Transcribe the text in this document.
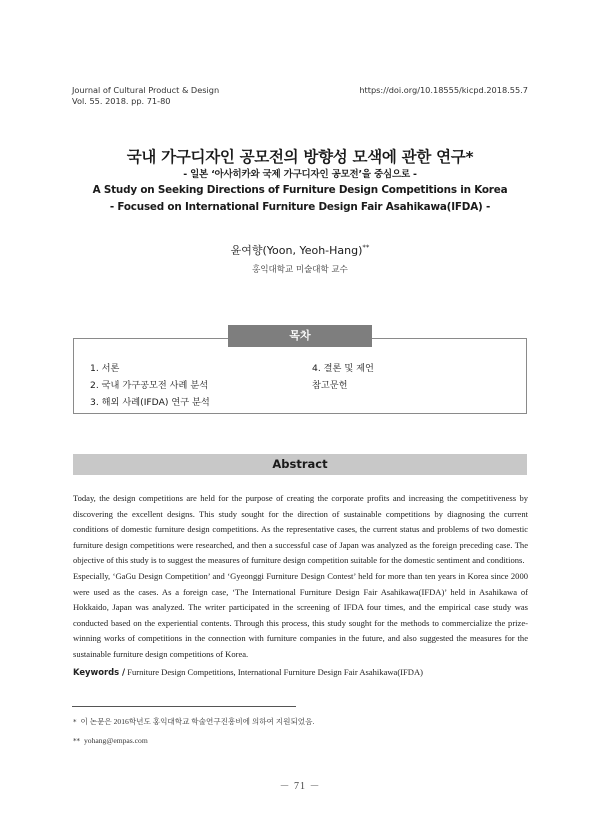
Journal of Cultural Product & Design
Vol. 55. 2018. pp. 71-80
https://doi.org/10.18555/kicpd.2018.55.7
국내 가구디자인 공모전의 방향성 모색에 관한 연구*
- 일본 ‘아사히카와 국제 가구디자인 공모전’을 중심으로 -
A Study on Seeking Directions of Furniture Design Competitions in Korea
- Focused on International Furniture Design Fair Asahikawa(IFDA) -
윤여향(Yoon, Yeoh-Hang)**
홍익대학교 미술대학 교수
목차
1. 서론
2. 국내 가구공모전 사례 분석
3. 해외 사례(IFDA) 연구 분석
4. 결론 및 제언
참고문헌
Abstract

Today, the design competitions are held for the purpose of creating the corporate profits and increasing the competitiveness by discovering the excellent designs. This study sought for the direction of sustainable competitions by diagnosing the current conditions of domestic furniture design competitions. As the representative cases, the current status and problems of two domestic furniture design competitions were researched, and then a successful case of Japan was analyzed as the foreign preceding case. The objective of this study is to suggest the measures of furniture design competition suitable for the domestic sentiment and conditions.

Especially, ‘GaGu Design Competition’ and ‘Gyeonggi Furniture Design Contest’ held for more than ten years in Korea since 2000 were used as the cases. As a foreign case, ‘The International Furniture Design Fair Asahikawa(IFDA)’ held in Asahikawa of Hokkaido, Japan was analyzed. The writer participated in the screening of IFDA four times, and the empirical case study was conducted based on the experiential contents. Through this process, this study sought for the methods to commercialize the prize-winning works of competitions in the connection with furniture companies in the future, and also suggested the measures for the sustainable furniture design competitions of Korea.

Keywords / Furniture Design Competitions, International Furniture Design Fair Asahikawa(IFDA)
* 이 논문은 2016학년도 홍익대학교 학술연구진흥비에 의하여 지원되었음.
** yohang@empas.com
－ 71 －
